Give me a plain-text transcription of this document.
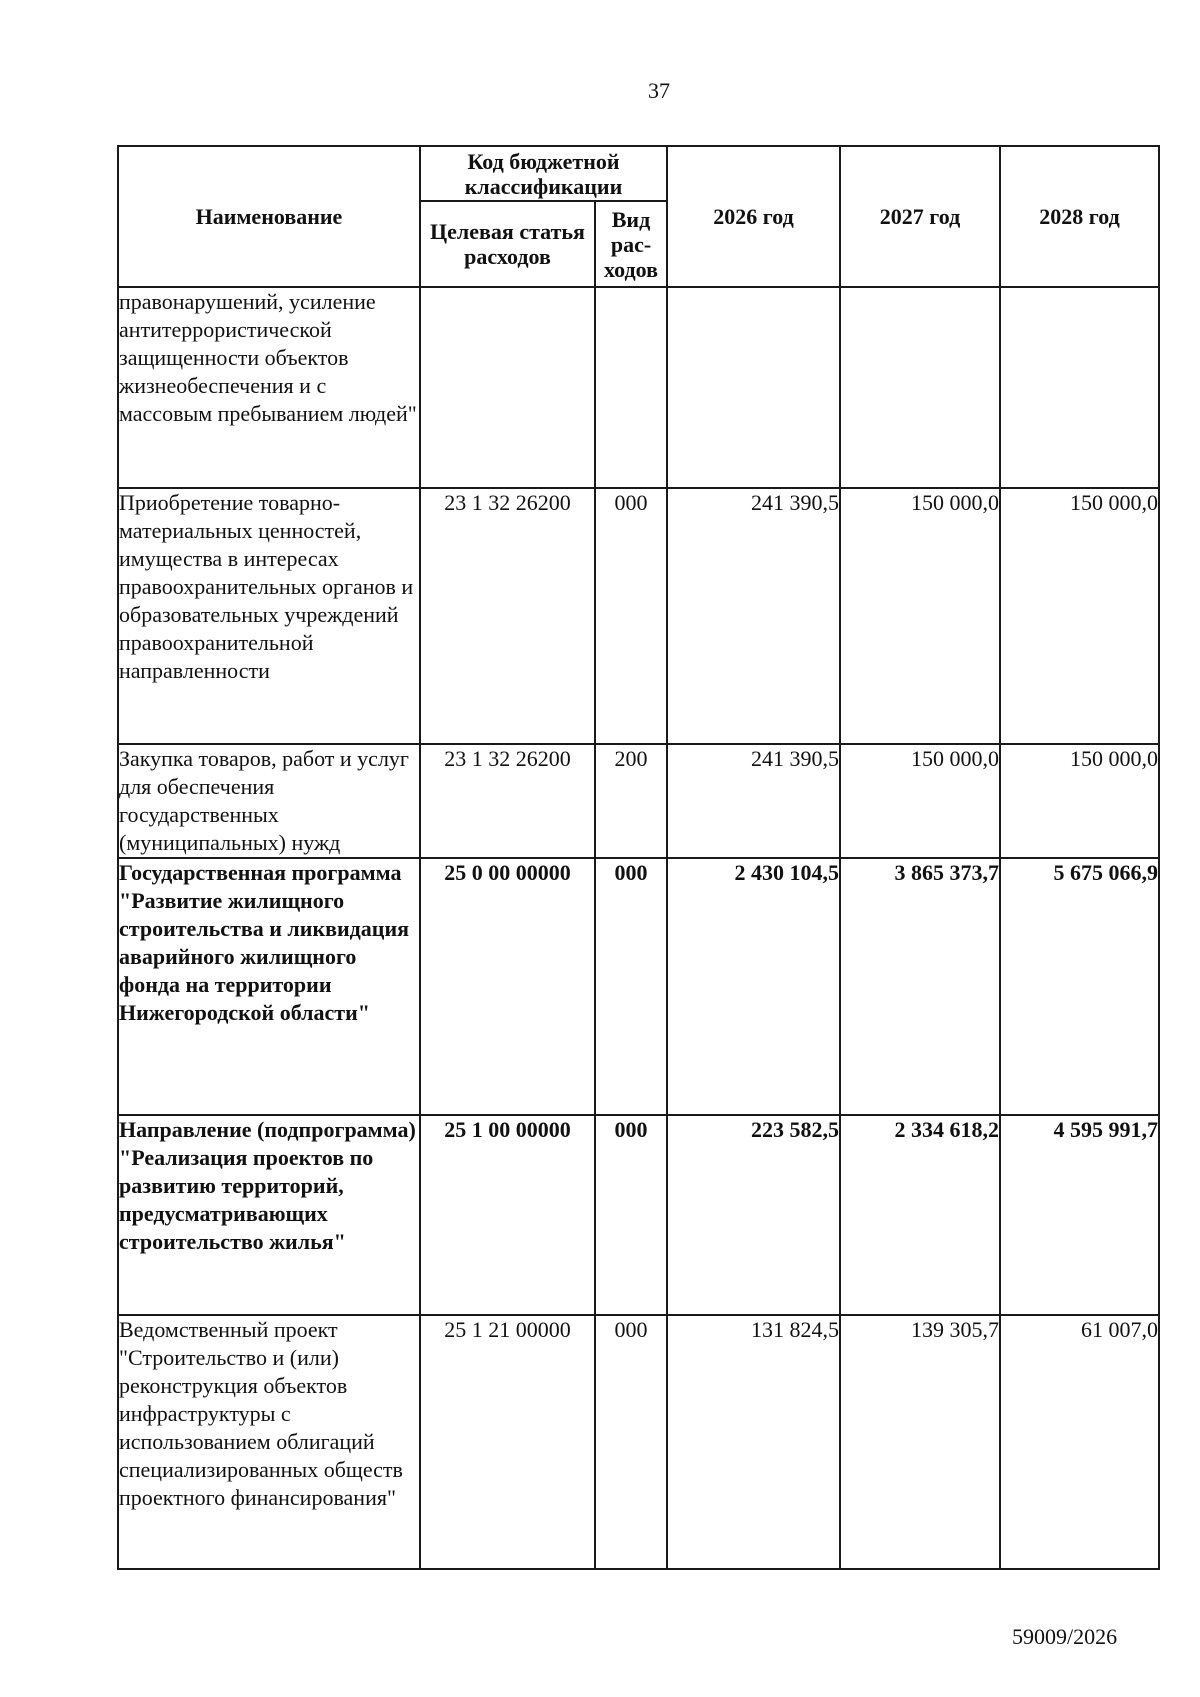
37
Наименование	Код бюджетной классификации		2026 год	2027 год	2028 год
	Целевая статья расходов	Вид рас-ходов			
правонарушений, усиление антитеррористической защищенности объектов жизнеобеспечения и с массовым пребыванием людей"					
Приобретение товарно-материальных ценностей, имущества в интересах правоохранительных органов и образовательных учреждений правоохранительной направленности	23 1 32 26200	000	241 390,5	150 000,0	150 000,0
Закупка товаров, работ и услуг для обеспечения государственных (муниципальных) нужд	23 1 32 26200	200	241 390,5	150 000,0	150 000,0
Государственная программа "Развитие жилищного строительства и ликвидация аварийного жилищного фонда на территории Нижегородской области"	25 0 00 00000	000	2 430 104,5	3 865 373,7	5 675 066,9
Направление (подпрограмма) "Реализация проектов по развитию территорий, предусматривающих строительство жилья"	25 1 00 00000	000	223 582,5	2 334 618,2	4 595 991,7
Ведомственный проект "Строительство и (или) реконструкция объектов инфраструктуры с использованием облигаций специализированных обществ проектного финансирования"	25 1 21 00000	000	131 824,5	139 305,7	61 007,0
59009/2026
